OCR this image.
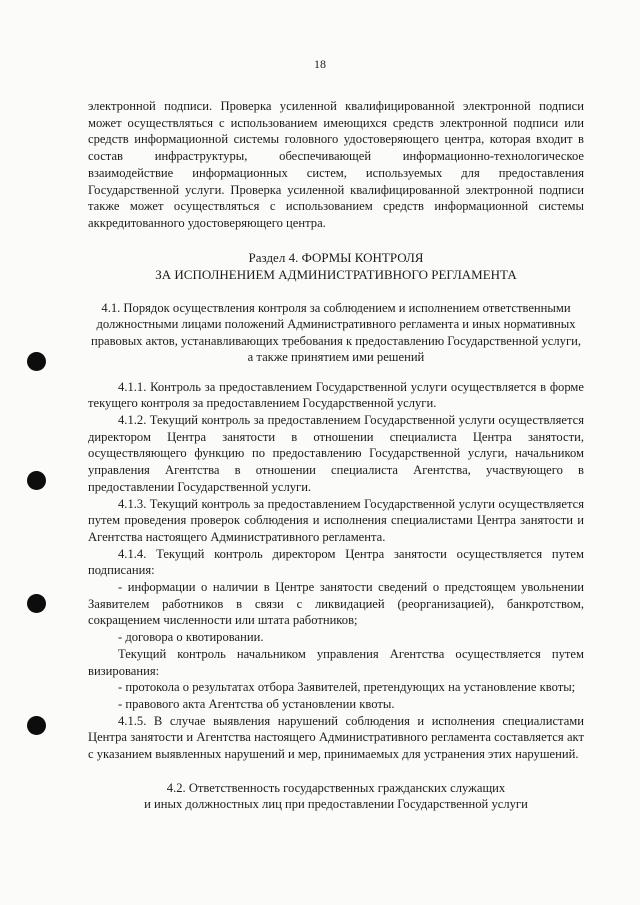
18

электронной подписи. Проверка усиленной квалифицированной электронной подписи может осуществляться с использованием имеющихся средств электронной подписи или средств информационной системы головного удостоверяющего центра, которая входит в состав инфраструктуры, обеспечивающей информационно-технологическое взаимодействие информационных систем, используемых для предоставления Государственной услуги. Проверка усиленной квалифицированной электронной подписи также может осуществляться с использованием средств информационной системы аккредитованного удостоверяющего центра.

Раздел 4. ФОРМЫ КОНТРОЛЯ
ЗА ИСПОЛНЕНИЕМ АДМИНИСТРАТИВНОГО РЕГЛАМЕНТА
4.1. Порядок осуществления контроля за соблюдением и исполнением ответственными должностными лицами положений Административного регламента и иных нормативных правовых актов, устанавливающих требования к предоставлению Государственной услуги, а также принятием ими решений

4.1.1. Контроль за предоставлением Государственной услуги осуществляется в форме текущего контроля за предоставлением Государственной услуги.

4.1.2. Текущий контроль за предоставлением Государственной услуги осуществляется директором Центра занятости в отношении специалиста Центра занятости, осуществляющего функцию по предоставлению Государственной услуги, начальником управления Агентства в отношении специалиста Агентства, участвующего в предоставлении Государственной услуги.

4.1.3. Текущий контроль за предоставлением Государственной услуги осуществляется путем проведения проверок соблюдения и исполнения специалистами Центра занятости и Агентства настоящего Административного регламента.

4.1.4. Текущий контроль директором Центра занятости осуществляется путем подписания:

- информации о наличии в Центре занятости сведений о предстоящем увольнении Заявителем работников в связи с ликвидацией (реорганизацией), банкротством, сокращением численности или штата работников;

- договора о квотировании.

Текущий контроль начальником управления Агентства осуществляется путем визирования:

- протокола о результатах отбора Заявителей, претендующих на установление квоты;

- правового акта Агентства об установлении квоты.

4.1.5. В случае выявления нарушений соблюдения и исполнения специалистами Центра занятости и Агентства настоящего Административного регламента составляется акт с указанием выявленных нарушений и мер, принимаемых для устранения этих нарушений.

4.2. Ответственность государственных гражданских служащих
и иных должностных лиц при предоставлении Государственной услуги
